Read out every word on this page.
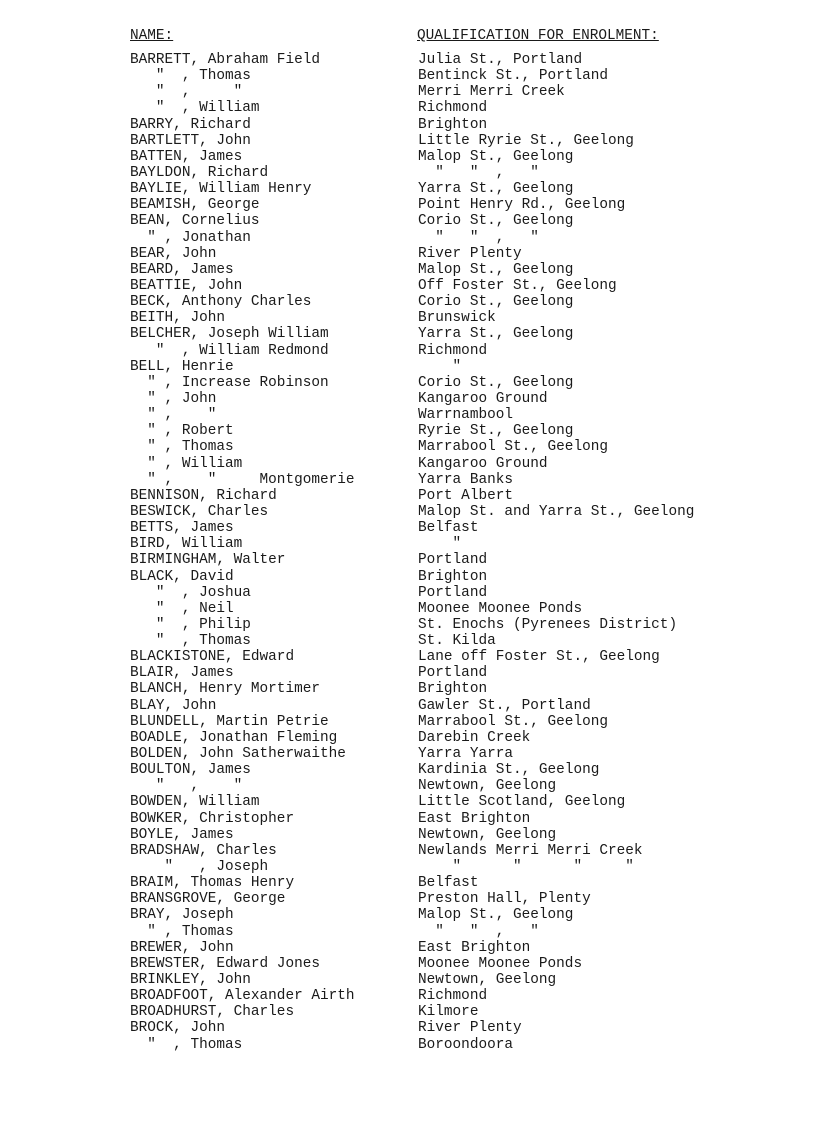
NAME:	QUALIFICATION FOR ENROLMENT:
BARRETT, Abraham Field	Julia St., Portland
"  , Thomas	Bentinck St., Portland
"  ,     "	Merri Merri Creek
"  , William	Richmond
BARRY, Richard	Brighton
BARTLETT, John	Little Ryrie St., Geelong
BATTEN, James	Malop St., Geelong
BAYLDON, Richard	"   "  ,   "
BAYLIE, William Henry	Yarra St., Geelong
BEAMISH, George	Point Henry Rd., Geelong
BEAN, Cornelius	Corio St., Geelong
" , Jonathan	"   "  ,   "
BEAR, John	River Plenty
BEARD, James	Malop St., Geelong
BEATTIE, John	Off Foster St., Geelong
BECK, Anthony Charles	Corio St., Geelong
BEITH, John	Brunswick
BELCHER, Joseph William	Yarra St., Geelong
"  , William Redmond	Richmond
BELL, Henrie	"
" , Increase Robinson	Corio St., Geelong
" , John	Kangaroo Ground
" ,    "	Warrnambool
" , Robert	Ryrie St., Geelong
" , Thomas	Marrabool St., Geelong
" , William	Kangaroo Ground
" ,    "     Montgomerie	Yarra Banks
BENNISON, Richard	Port Albert
BESWICK, Charles	Malop St. and Yarra St., Geelong
BETTS, James	Belfast
BIRD, William	"
BIRMINGHAM, Walter	Portland
BLACK, David	Brighton
"  , Joshua	Portland
"  , Neil	Moonee Moonee Ponds
"  , Philip	St. Enochs (Pyrenees District)
"  , Thomas	St. Kilda
BLACKISTONE, Edward	Lane off Foster St., Geelong
BLAIR, James	Portland
BLANCH, Henry Mortimer	Brighton
BLAY, John	Gawler St., Portland
BLUNDELL, Martin Petrie	Marrabool St., Geelong
BOADLE, Jonathan Fleming	Darebin Creek
BOLDEN, John Satherwaithe	Yarra Yarra
BOULTON, James	Kardinia St., Geelong
"   ,    "	Newtown, Geelong
BOWDEN, William	Little Scotland, Geelong
BOWKER, Christopher	East Brighton
BOYLE, James	Newtown, Geelong
BRADSHAW, Charles	Newlands Merri Merri Creek
"   , Joseph	"      "      "     "
BRAIM, Thomas Henry	Belfast
BRANSGROVE, George	Preston Hall, Plenty
BRAY, Joseph	Malop St., Geelong
" , Thomas	"   "  ,   "
BREWER, John	East Brighton
BREWSTER, Edward Jones	Moonee Moonee Ponds
BRINKLEY, John	Newtown, Geelong
BROADFOOT, Alexander Airth	Richmond
BROADHURST, Charles	Kilmore
BROCK, John	River Plenty
"  , Thomas	Boroondoora
